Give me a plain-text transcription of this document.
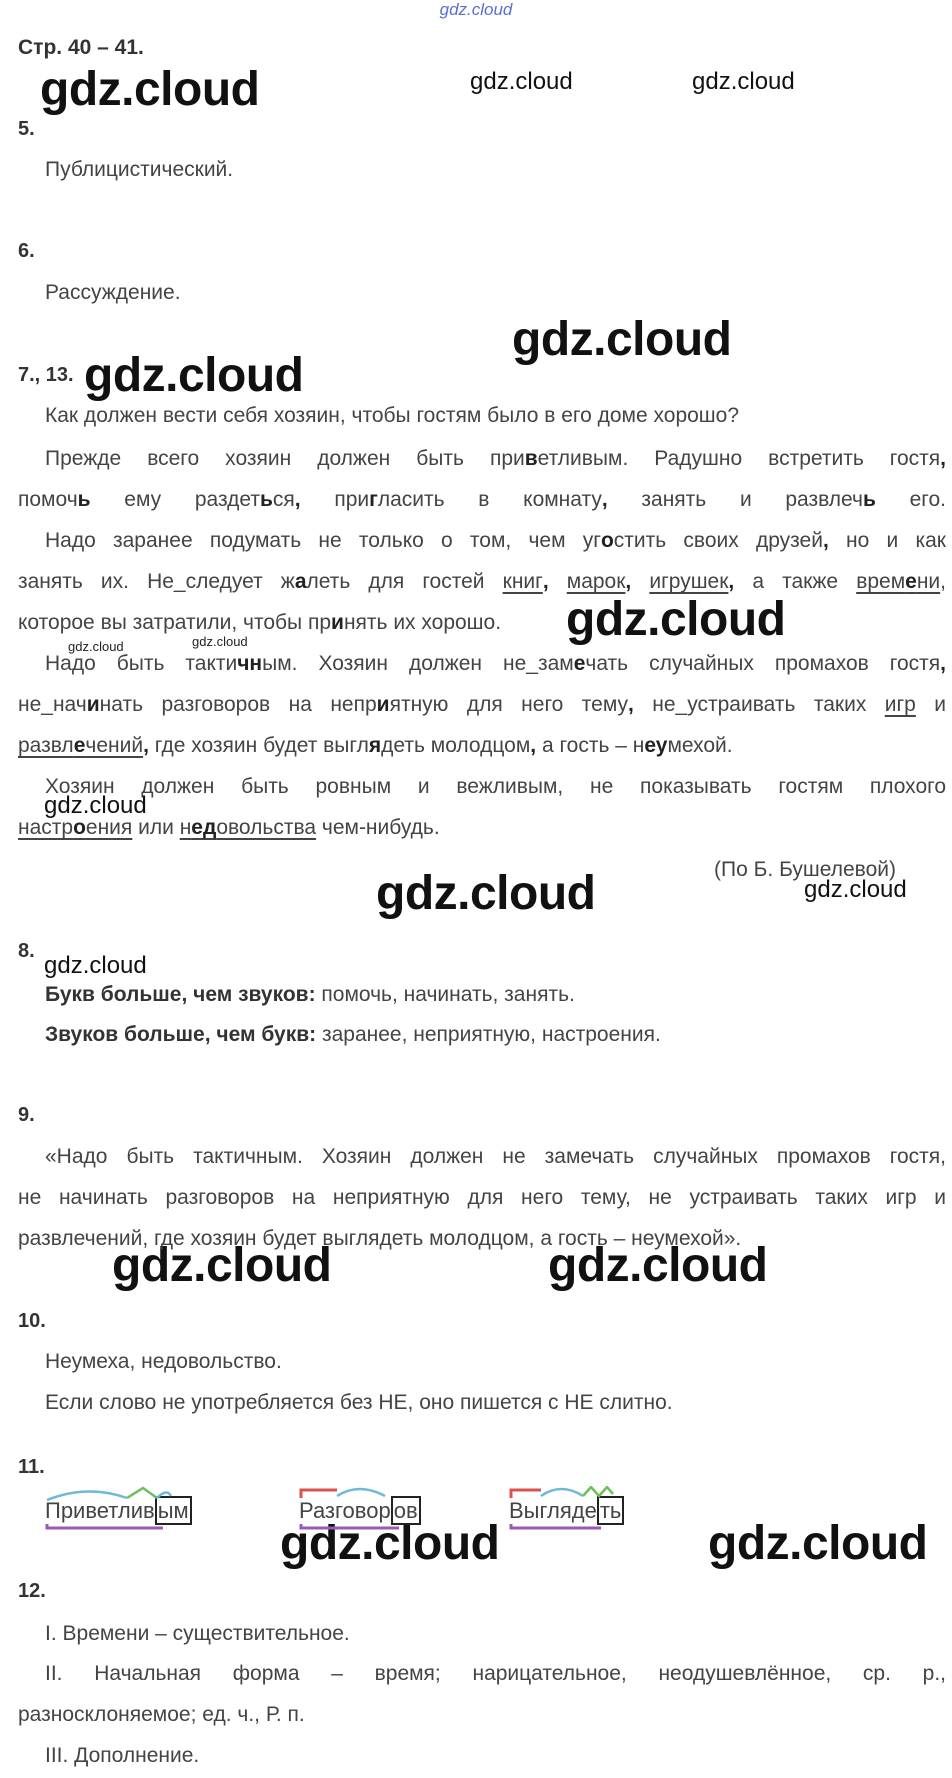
gdz.cloud
gdz.cloud	gdz.cloud	gdz.cloud
gdz.cloud
gdz.cloud
gdz.cloud
gdz.cloud	gdz.cloud
gdz.cloud
gdz.cloud	gdz.cloud
gdz.cloud
gdz.cloud	gdz.cloud
gdz.cloud	gdz.cloud
Стр. 40 – 41.
5.
Публицистический.
6.
Рассуждение.
7., 13.
Как должен вести себя хозяин, чтобы гостям было в его доме хорошо?
Прежде всего хозяин должен быть приветливым. Радушно встретить гостя,
помочь ему раздеться, пригласить в комнату, занять и развлечь его.
Надо заранее подумать не только о том, чем угостить своих друзей, но и как
занять их. Не_следует жалеть для гостей книг, марок, игрушек, а также времени,
которое вы затратили, чтобы принять их хорошо.
Надо быть тактичным. Хозяин должен не_замечать случайных промахов гостя,
не_начинать разговоров на неприятную для него тему, не_устраивать таких игр и
развлечений, где хозяин будет выглядеть молодцом, а гость – неумехой.
Хозяин должен быть ровным и вежливым, не показывать гостям плохого
настроения или недовольства чем-нибудь.
(По Б. Бушелевой)
8.
Букв больше, чем звуков: помочь, начинать, занять.
Звуков больше, чем букв: заранее, неприятную, настроения.
9.
«Надо быть тактичным. Хозяин должен не замечать случайных промахов гостя,
не начинать разговоров на неприятную для него тему, не устраивать таких игр и
развлечений, где хозяин будет выглядеть молодцом, а гость – неумехой».
10.
Неумеха, недовольство.
Если слово не употребляется без НЕ, оно пишется с НЕ слитно.
11.
Приветлив ым	Разговор ов	Выгляде ть
12.
I. Времени – существительное.
II. Начальная форма – время; нарицательное, неодушевлённое, ср. р.,
разносклоняемое; ед. ч., Р. п.
III. Дополнение.
